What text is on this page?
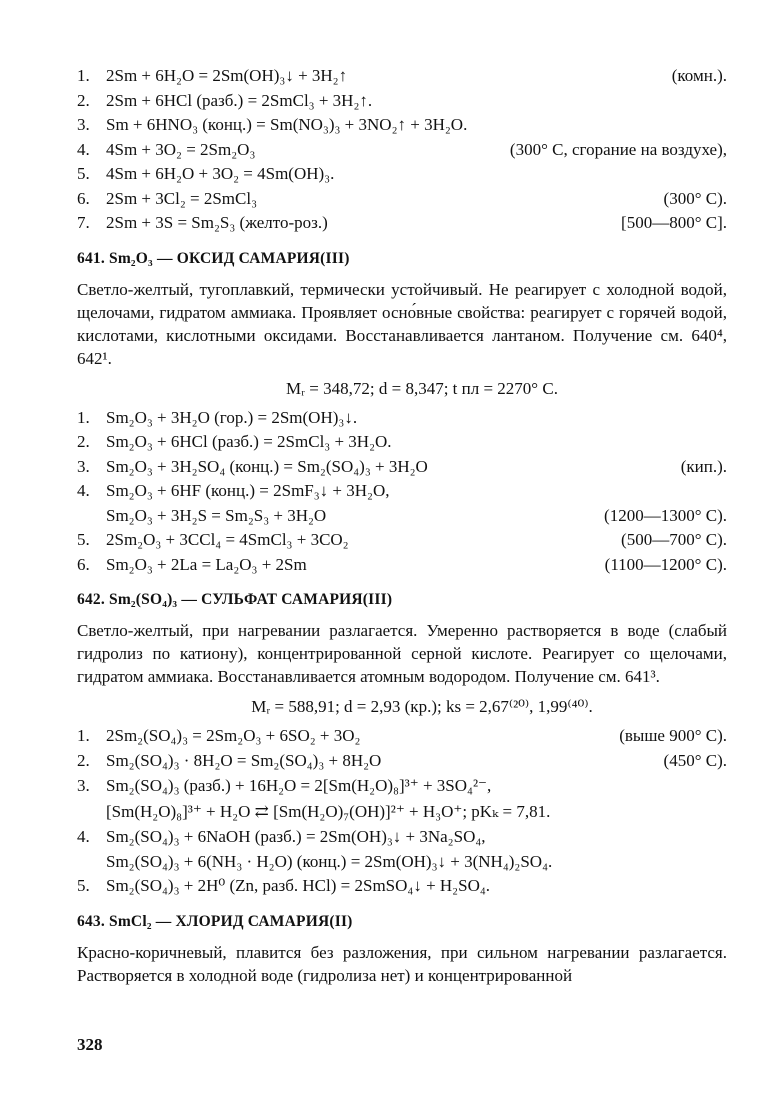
1. 2Sm + 6H₂O = 2Sm(OH)₃↓ + 3H₂↑	(комн.).
2. 2Sm + 6HCl (разб.) = 2SmCl₃ + 3H₂↑.
3. Sm + 6HNO₃ (конц.) = Sm(NO₃)₃ + 3NO₂↑ + 3H₂O.
4. 4Sm + 3O₂ = 2Sm₂O₃	(300° C, сгорание на воздухе),
5. 4Sm + 6H₂O + 3O₂ = 4Sm(OH)₃.
6. 2Sm + 3Cl₂ = 2SmCl₃	(300° C).
7. 2Sm + 3S = Sm₂S₃ (желто-роз.)	[500—800° C].
641. Sm₂O₃ — ОКСИД САМАРИЯ(III)

Светло-желтый, тугоплавкий, термически устойчивый. Не реагирует с холодной водой, щелочами, гидратом аммиака. Проявляет осно́вные свойства: реагирует с горячей водой, кислотами, кислотными оксидами. Восстанавливается лантаном. Получение см. 640⁴, 642¹.

Mᵣ = 348,72; d = 8,347; t пл = 2270° C.
1. Sm₂O₃ + 3H₂O (гор.) = 2Sm(OH)₃↓.
2. Sm₂O₃ + 6HCl (разб.) = 2SmCl₃ + 3H₂O.
3. Sm₂O₃ + 3H₂SO₄ (конц.) = Sm₂(SO₄)₃ + 3H₂O	(кип.).
4. Sm₂O₃ + 6HF (конц.) = 2SmF₃↓ + 3H₂O,
Sm₂O₃ + 3H₂S = Sm₂S₃ + 3H₂O	(1200—1300° C).
5. 2Sm₂O₃ + 3CCl₄ = 4SmCl₃ + 3CO₂	(500—700° C).
6. Sm₂O₃ + 2La = La₂O₃ + 2Sm	(1100—1200° C).
642. Sm₂(SO₄)₃ — СУЛЬФАТ САМАРИЯ(III)

Светло-желтый, при нагревании разлагается. Умеренно растворяется в воде (слабый гидролиз по катиону), концентрированной серной кислоте. Реагирует со щелочами, гидратом аммиака. Восстанавливается атомным водородом. Получение см. 641³.

Mᵣ = 588,91; d = 2,93 (кр.); ks = 2,67⁽²⁰⁾, 1,99⁽⁴⁰⁾.
1. 2Sm₂(SO₄)₃ = 2Sm₂O₃ + 6SO₂ + 3O₂	(выше 900° C).
2. Sm₂(SO₄)₃ · 8H₂O = Sm₂(SO₄)₃ + 8H₂O	(450° C).
3. Sm₂(SO₄)₃ (разб.) + 16H₂O = 2[Sm(H₂O)₈]³⁺ + 3SO₄²⁻,
[Sm(H₂O)₈]³⁺ + H₂O ⇄ [Sm(H₂O)₇(OH)]²⁺ + H₃O⁺; pKₖ = 7,81.
4. Sm₂(SO₄)₃ + 6NaOH (разб.) = 2Sm(OH)₃↓ + 3Na₂SO₄,
Sm₂(SO₄)₃ + 6(NH₃ · H₂O) (конц.) = 2Sm(OH)₃↓ + 3(NH₄)₂SO₄.
5. Sm₂(SO₄)₃ + 2H⁰ (Zn, разб. HCl) = 2SmSO₄↓ + H₂SO₄.
643. SmCl₂ — ХЛОРИД САМАРИЯ(II)

Красно-коричневый, плавится без разложения, при сильном нагревании разлагается. Растворяется в холодной воде (гидролиза нет) и концентрированной

328
